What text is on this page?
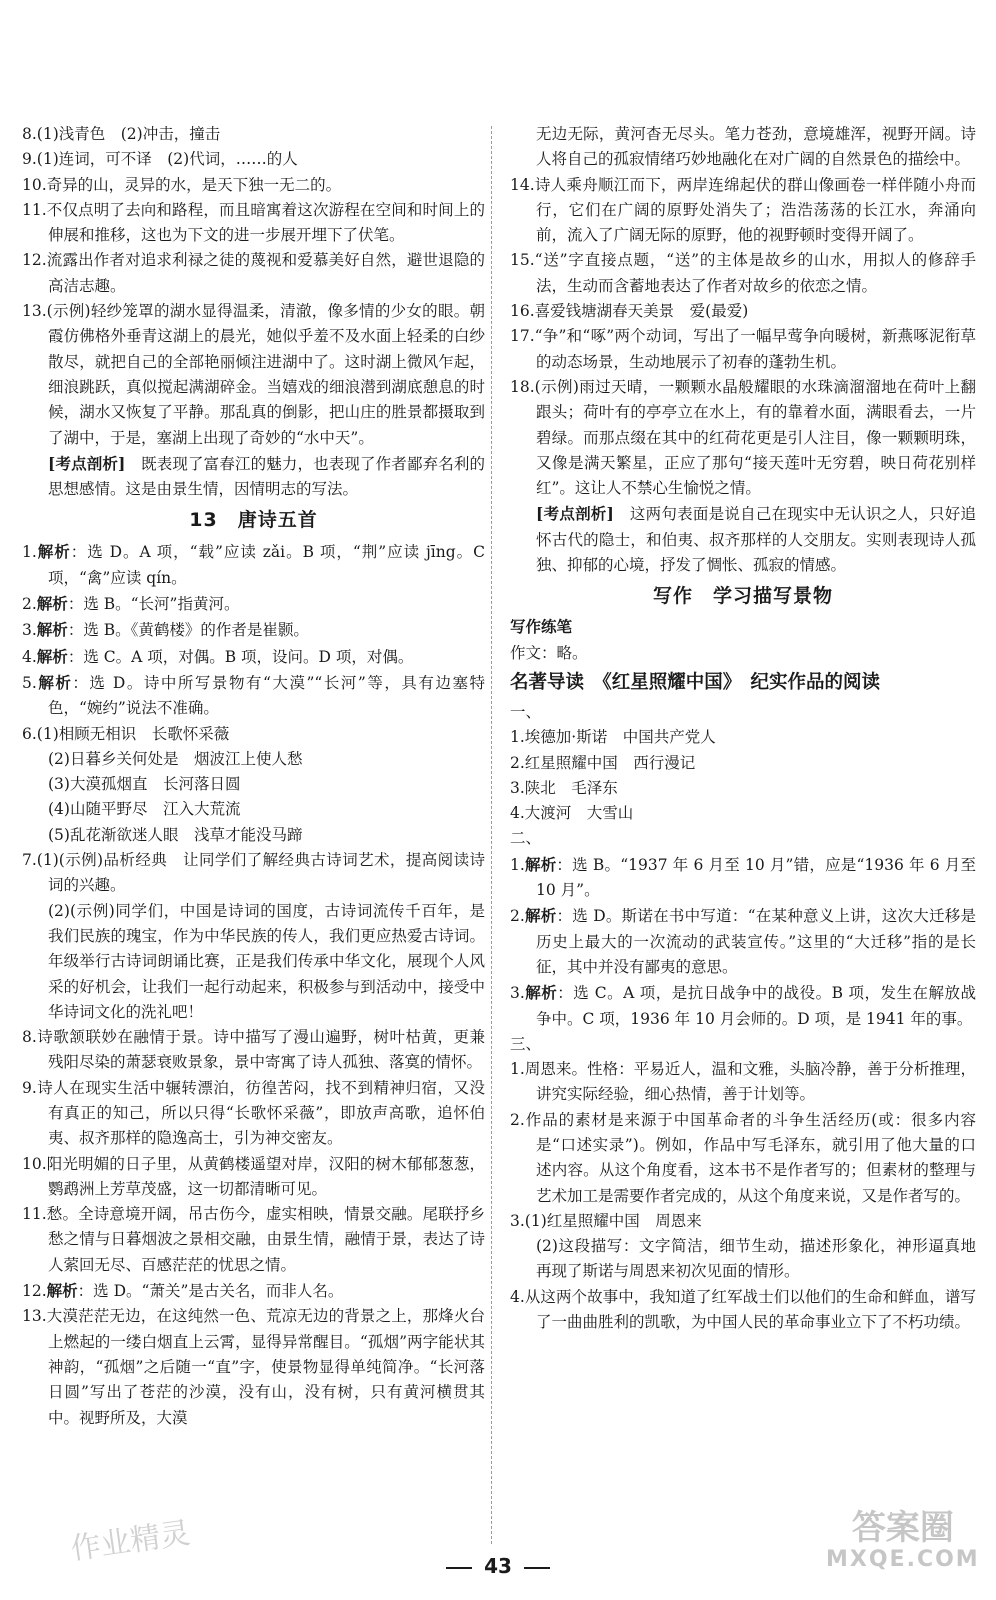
8.(1)浅青色　(2)冲击，撞击

9.(1)连词，可不译　(2)代词，……的人

10.奇异的山，灵异的水，是天下独一无二的。

11.不仅点明了去向和路程，而且暗寓着这次游程在空间和时间上的伸展和推移，这也为下文的进一步展开埋下了伏笔。

12.流露出作者对追求利禄之徒的蔑视和爱慕美好自然，避世退隐的高洁志趣。

13.(示例)轻纱笼罩的湖水显得温柔，清澈，像多情的少女的眼。朝霞仿佛格外垂青这湖上的晨光，她似乎羞不及水面上轻柔的白纱散尽，就把自己的全部艳丽倾注进湖中了。这时湖上微风乍起，细浪跳跃，真似搅起满湖碎金。当嬉戏的细浪潜到湖底憩息的时候，湖水又恢复了平静。那乱真的倒影，把山庄的胜景都摄取到了湖中，于是，塞湖上出现了奇妙的“水中天”。

[考点剖析]　既表现了富春江的魅力，也表现了作者鄙弃名利的思想感情。这是由景生情，因情明志的写法。

13　唐诗五首

1.解析：选 D。A 项，“载”应读 zǎi。B 项，“荆”应读 jīng。C 项，“禽”应读 qín。

2.解析：选 B。“长河”指黄河。

3.解析：选 B。《黄鹤楼》的作者是崔颢。

4.解析：选 C。A 项，对偶。B 项，设问。D 项，对偶。

5.解析：选 D。诗中所写景物有“大漠”“长河”等，具有边塞特色，“婉约”说法不准确。

6.(1)相顾无相识　长歌怀采薇

(2)日暮乡关何处是　烟波江上使人愁

(3)大漠孤烟直　长河落日圆

(4)山随平野尽　江入大荒流

(5)乱花渐欲迷人眼　浅草才能没马蹄

7.(1)(示例)品析经典　让同学们了解经典古诗词艺术，提高阅读诗词的兴趣。

(2)(示例)同学们，中国是诗词的国度，古诗词流传千百年，是我们民族的瑰宝，作为中华民族的传人，我们更应热爱古诗词。年级举行古诗词朗诵比赛，正是我们传承中华文化，展现个人风采的好机会，让我们一起行动起来，积极参与到活动中，接受中华诗词文化的洗礼吧！

8.诗歌颔联妙在融情于景。诗中描写了漫山遍野，树叶枯黄，更兼残阳尽染的萧瑟衰败景象，景中寄寓了诗人孤独、落寞的情怀。

9.诗人在现实生活中辗转漂泊，彷徨苦闷，找不到精神归宿，又没有真正的知己，所以只得“长歌怀采薇”，即放声高歌，追怀伯夷、叔齐那样的隐逸高士，引为神交密友。

10.阳光明媚的日子里，从黄鹤楼遥望对岸，汉阳的树木郁郁葱葱，鹦鹉洲上芳草茂盛，这一切都清晰可见。

11.愁。全诗意境开阔，吊古伤今，虚实相映，情景交融。尾联抒乡愁之情与日暮烟波之景相交融，由景生情，融情于景，表达了诗人萦回无尽、百感茫茫的忧思之情。

12.解析：选 D。“萧关”是古关名，而非人名。

13.大漠茫茫无边，在这纯然一色、荒凉无边的背景之上，那烽火台上燃起的一缕白烟直上云霄，显得异常醒目。“孤烟”两字能状其神韵，“孤烟”之后随一“直”字，使景物显得单纯简净。“长河落日圆”写出了苍茫的沙漠，没有山，没有树，只有黄河横贯其中。视野所及，大漠

无边无际，黄河杳无尽头。笔力苍劲，意境雄浑，视野开阔。诗人将自己的孤寂情绪巧妙地融化在对广阔的自然景色的描绘中。

14.诗人乘舟顺江而下，两岸连绵起伏的群山像画卷一样伴随小舟而行，它们在广阔的原野处消失了；浩浩荡荡的长江水，奔涌向前，流入了广阔无际的原野，他的视野顿时变得开阔了。

15.“送”字直接点题，“送”的主体是故乡的山水，用拟人的修辞手法，生动而含蓄地表达了作者对故乡的依恋之情。

16.喜爱钱塘湖春天美景　爱(最爱)

17.“争”和“啄”两个动词，写出了一幅早莺争向暖树，新燕啄泥衔草的动态场景，生动地展示了初春的蓬勃生机。

18.(示例)雨过天晴，一颗颗水晶般耀眼的水珠滴溜溜地在荷叶上翻跟头；荷叶有的亭亭立在水上，有的靠着水面，满眼看去，一片碧绿。而那点缀在其中的红荷花更是引人注目，像一颗颗明珠，又像是满天繁星，正应了那句“接天莲叶无穷碧，映日荷花别样红”。这让人不禁心生愉悦之情。

[考点剖析]　这两句表面是说自己在现实中无认识之人，只好追怀古代的隐士，和伯夷、叔齐那样的人交朋友。实则表现诗人孤独、抑郁的心境，抒发了惆怅、孤寂的情感。

写作　学习描写景物

写作练笔

作文：略。

名著导读　《红星照耀中国》　纪实作品的阅读

一、

1.埃德加·斯诺　中国共产党人

2.红星照耀中国　西行漫记

3.陕北　毛泽东

4.大渡河　大雪山

二、

1.解析：选 B。“1937 年 6 月至 10 月”错，应是“1936 年 6 月至 10 月”。

2.解析：选 D。斯诺在书中写道：“在某种意义上讲，这次大迁移是历史上最大的一次流动的武装宣传。”这里的“大迁移”指的是长征，其中并没有鄙夷的意思。

3.解析：选 C。A 项，是抗日战争中的战役。B 项，发生在解放战争中。C 项，1936 年 10 月会师的。D 项，是 1941 年的事。

三、

1.周恩来。性格：平易近人，温和文雅，头脑冷静，善于分析推理，讲究实际经验，细心热情，善于计划等。

2.作品的素材是来源于中国革命者的斗争生活经历(或：很多内容是“口述实录”)。例如，作品中写毛泽东，就引用了他大量的口述内容。从这个角度看，这本书不是作者写的；但素材的整理与艺术加工是需要作者完成的，从这个角度来说，又是作者写的。

3.(1)红星照耀中国　周恩来

(2)这段描写：文字简洁，细节生动，描述形象化，神形逼真地再现了斯诺与周恩来初次见面的情形。

4.从这两个故事中，我知道了红军战士们以他们的生命和鲜血，谱写了一曲曲胜利的凯歌，为中国人民的革命事业立下了不朽功绩。

43
作业精灵	答案圈
MXQE.COM
